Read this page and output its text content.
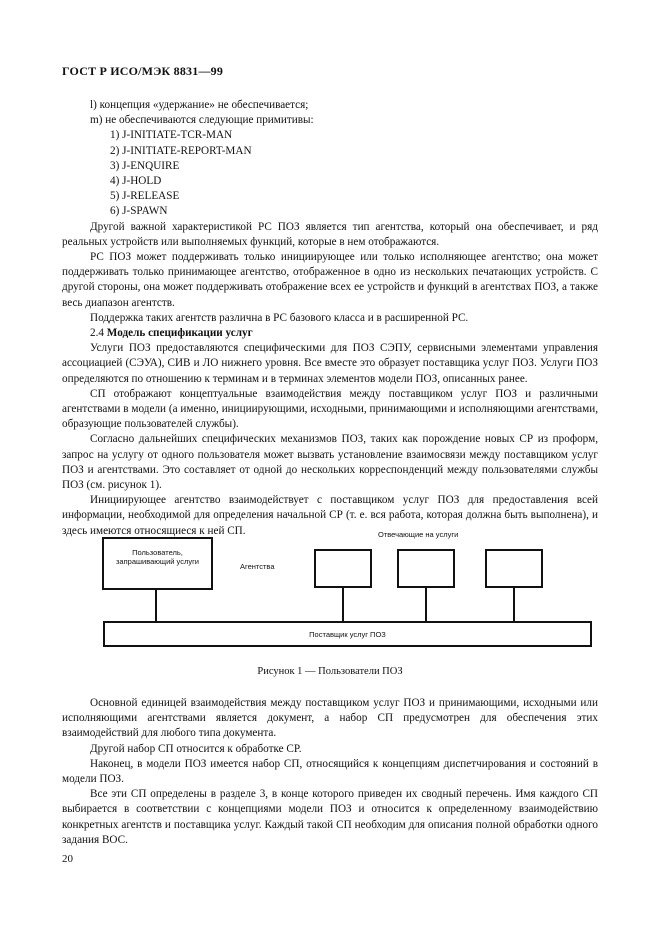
ГОСТ Р ИСО/МЭК 8831—99
l) концепция «удержание» не обеспечивается;
m) не обеспечиваются следующие примитивы:
1) J-INITIATE-TCR-MAN
2) J-INITIATE-REPORT-MAN
3) J-ENQUIRE
4) J-HOLD
5) J-RELEASE
6) J-SPAWN

Другой важной характеристикой РС ПОЗ является тип агентства, который она обеспечивает, и ряд реальных устройств или выполняемых функций, которые в нем отображаются.

РС ПОЗ может поддерживать только инициирующее или только исполняющее агентство; она может поддерживать только принимающее агентство, отображенное в одно из нескольких печатающих устройств. С другой стороны, она может поддерживать отображение всех ее устройств и функций в агентствах ПОЗ, а также весь диапазон агентств.

Поддержка таких агентств различна в РС базового класса и в расширенной РС.

2.4 Модель спецификации услуг

Услуги ПОЗ предоставляются специфическими для ПОЗ СЭПУ, сервисными элементами управления ассоциацией (СЭУА), СИВ и ЛО нижнего уровня. Все вместе это образует поставщика услуг ПОЗ. Услуги ПОЗ определяются по отношению к терминам и в терминах элементов модели ПОЗ, описанных ранее.

СП отображают концептуальные взаимодействия между поставщиком услуг ПОЗ и различными агентствами в модели (а именно, инициирующими, исходными, принимающими и исполняющими агентствами, образующие пользователей службы).

Согласно дальнейших специфических механизмов ПОЗ, таких как порождение новых СР из проформ, запрос на услугу от одного пользователя может вызвать установление взаимосвязи между поставщиком услуг ПОЗ и агентствами. Это составляет от одной до нескольких корреспонденций между пользователями службы ПОЗ (см. рисунок 1).

Инициирующее агентство взаимодействует с поставщиком услуг ПОЗ для предоставления всей информации, необходимой для определения начальной СР (т. е. вся работа, которая должна быть выполнена), и здесь имеются относящиеся к ней СП.

Пользователь, запрашивающий услуги
Агентства
Отвечающие на услуги
Поставщик услуг ПОЗ
Рисунок 1 — Пользователи ПОЗ

Основной единицей взаимодействия между поставщиком услуг ПОЗ и принимающими, исходными или исполняющими агентствами является документ, а набор СП предусмотрен для обеспечения этих взаимодействий для любого типа документа.

Другой набор СП относится к обработке СР.

Наконец, в модели ПОЗ имеется набор СП, относящийся к концепциям диспетчирования и состояний в модели ПОЗ.

Все эти СП определены в разделе 3, в конце которого приведен их сводный перечень. Имя каждого СП выбирается в соответствии с концепциями модели ПОЗ и относится к определенному взаимодействию конкретных агентств и поставщика услуг. Каждый такой СП необходим для описания полной обработки одного задания ВОС.

20
